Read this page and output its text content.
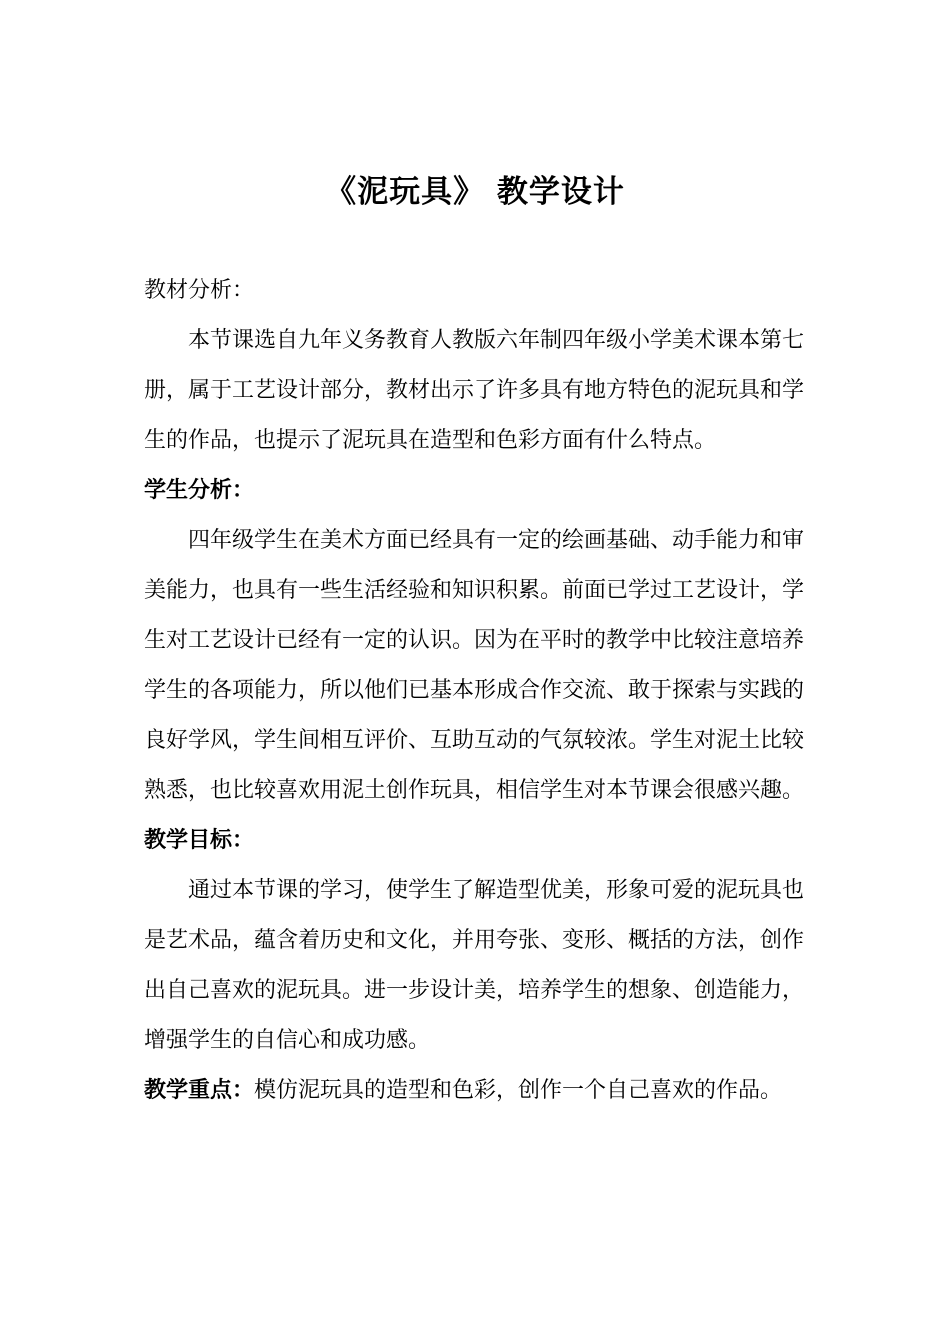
《泥玩具》 教学设计

教材分析：

本节课选自九年义务教育人教版六年制四年级小学美术课本第七册，属于工艺设计部分，教材出示了许多具有地方特色的泥玩具和学生的作品，也提示了泥玩具在造型和色彩方面有什么特点。

学生分析：

四年级学生在美术方面已经具有一定的绘画基础、动手能力和审美能力，也具有一些生活经验和知识积累。前面已学过工艺设计，学生对工艺设计已经有一定的认识。因为在平时的教学中比较注意培养学生的各项能力，所以他们已基本形成合作交流、敢于探索与实践的良好学风，学生间相互评价、互助互动的气氛较浓。学生对泥土比较熟悉，也比较喜欢用泥土创作玩具，相信学生对本节课会很感兴趣。

教学目标：

通过本节课的学习，使学生了解造型优美，形象可爱的泥玩具也是艺术品，蕴含着历史和文化，并用夸张、变形、概括的方法，创作出自己喜欢的泥玩具。进一步设计美，培养学生的想象、创造能力，增强学生的自信心和成功感。

教学重点：模仿泥玩具的造型和色彩，创作一个自己喜欢的作品。
